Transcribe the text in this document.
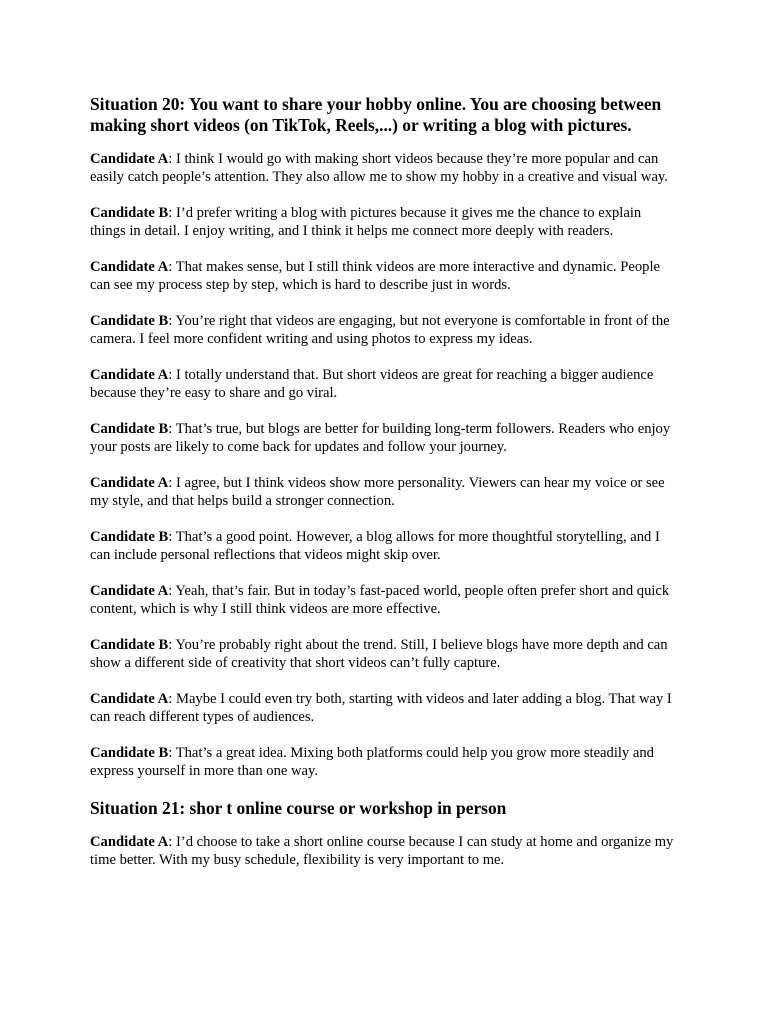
Situation 20: You want to share your hobby online. You are choosing between making short videos (on TikTok, Reels,...) or writing a blog with pictures.

Candidate A: I think I would go with making short videos because they’re more popular and can easily catch people’s attention. They also allow me to show my hobby in a creative and visual way.

Candidate B: I’d prefer writing a blog with pictures because it gives me the chance to explain things in detail. I enjoy writing, and I think it helps me connect more deeply with readers.

Candidate A: That makes sense, but I still think videos are more interactive and dynamic. People can see my process step by step, which is hard to describe just in words.

Candidate B: You’re right that videos are engaging, but not everyone is comfortable in front of the camera. I feel more confident writing and using photos to express my ideas.

Candidate A: I totally understand that. But short videos are great for reaching a bigger audience because they’re easy to share and go viral.

Candidate B: That’s true, but blogs are better for building long-term followers. Readers who enjoy your posts are likely to come back for updates and follow your journey.

Candidate A: I agree, but I think videos show more personality. Viewers can hear my voice or see my style, and that helps build a stronger connection.

Candidate B: That’s a good point. However, a blog allows for more thoughtful storytelling, and I can include personal reflections that videos might skip over.

Candidate A: Yeah, that’s fair. But in today’s fast-paced world, people often prefer short and quick content, which is why I still think videos are more effective.

Candidate B: You’re probably right about the trend. Still, I believe blogs have more depth and can show a different side of creativity that short videos can’t fully capture.

Candidate A: Maybe I could even try both, starting with videos and later adding a blog. That way I can reach different types of audiences.

Candidate B: That’s a great idea. Mixing both platforms could help you grow more steadily and express yourself in more than one way.

Situation 21: shor t online course or workshop in person

Candidate A: I’d choose to take a short online course because I can study at home and organize my time better. With my busy schedule, flexibility is very important to me.
